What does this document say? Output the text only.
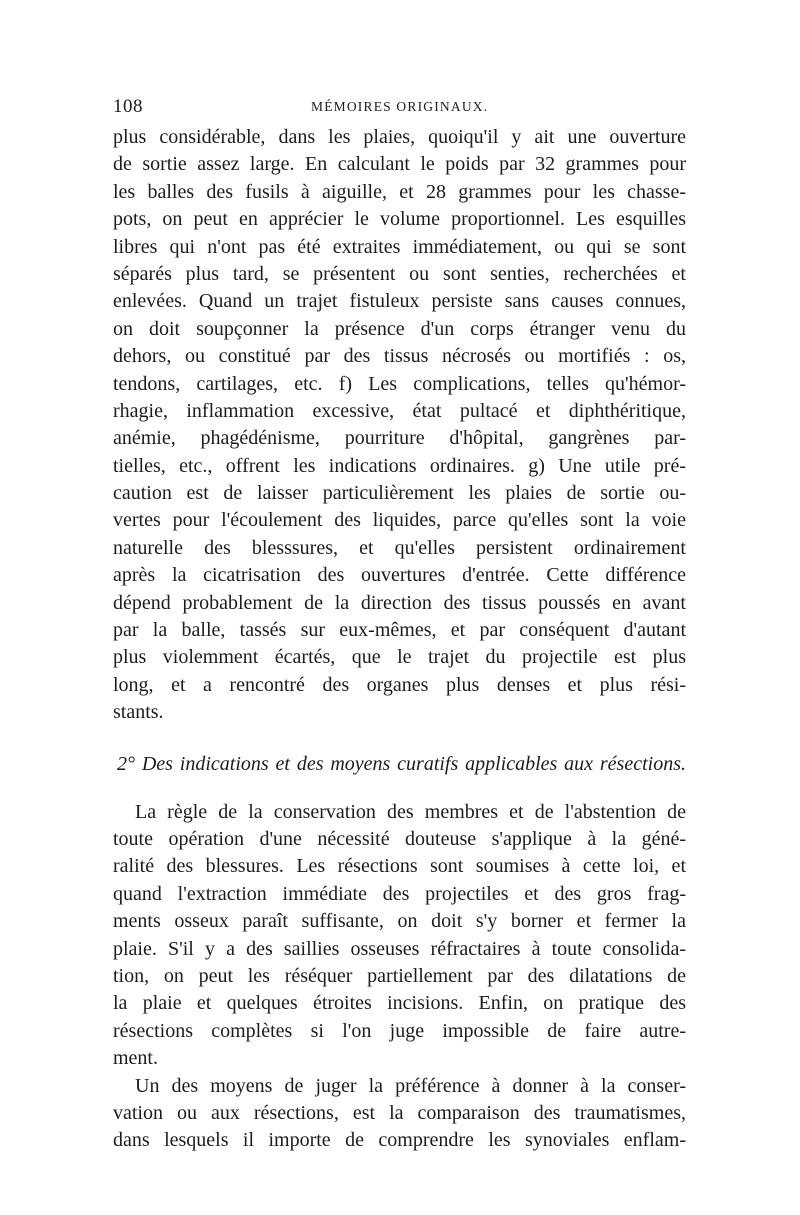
108	MÉMOIRES ORIGINAUX.
plus considérable, dans les plaies, quoiqu'il y ait une ouverture
de sortie assez large. En calculant le poids par 32 grammes pour
les balles des fusils à aiguille, et 28 grammes pour les chasse-
pots, on peut en apprécier le volume proportionnel. Les esquilles
libres qui n'ont pas été extraites immédiatement, ou qui se sont
séparés plus tard, se présentent ou sont senties, recherchées et
enlevées. Quand un trajet fistuleux persiste sans causes connues,
on doit soupçonner la présence d'un corps étranger venu du
dehors, ou constitué par des tissus nécrosés ou mortifiés : os,
tendons, cartilages, etc. f) Les complications, telles qu'hémor-
rhagie, inflammation excessive, état pultacé et diphthéritique,
anémie, phagédénisme, pourriture d'hôpital, gangrènes par-
tielles, etc., offrent les indications ordinaires. g) Une utile pré-
caution est de laisser particulièrement les plaies de sortie ou-
vertes pour l'écoulement des liquides, parce qu'elles sont la voie
naturelle des blesssures, et qu'elles persistent ordinairement
après la cicatrisation des ouvertures d'entrée. Cette différence
dépend probablement de la direction des tissus poussés en avant
par la balle, tassés sur eux-mêmes, et par conséquent d'autant
plus violemment écartés, que le trajet du projectile est plus
long, et a rencontré des organes plus denses et plus rési-
stants.
2° Des indications et des moyens curatifs applicables aux résections.
La règle de la conservation des membres et de l'abstention de
toute opération d'une nécessité douteuse s'applique à la géné-
ralité des blessures. Les résections sont soumises à cette loi, et
quand l'extraction immédiate des projectiles et des gros frag-
ments osseux paraît suffisante, on doit s'y borner et fermer la
plaie. S'il y a des saillies osseuses réfractaires à toute consolida-
tion, on peut les réséquer partiellement par des dilatations de
la plaie et quelques étroites incisions. Enfin, on pratique des
résections complètes si l'on juge impossible de faire autre-
ment.
Un des moyens de juger la préférence à donner à la conser-
vation ou aux résections, est la comparaison des traumatismes,
dans lesquels il importe de comprendre les synoviales enflam-
